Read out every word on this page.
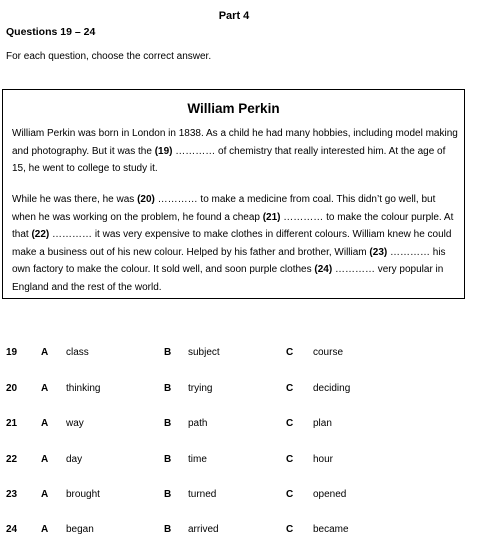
Part 4
Questions 19 – 24
For each question, choose the correct answer.
William Perkin

William Perkin was born in London in 1838. As a child he had many hobbies, including model making and photography. But it was the (19) ………… of chemistry that really interested him. At the age of 15, he went to college to study it.

While he was there, he was (20) ………… to make a medicine from coal. This didn’t go well, but when he was working on the problem, he found a cheap (21) ………… to make the colour purple. At that (22) ………… it was very expensive to make clothes in different colours. William knew he could make a business out of his new colour. Helped by his father and brother, William (23) ………… his own factory to make the colour. It sold well, and soon purple clothes (24) ………… very popular in England and the rest of the world.

19 A class	B subject	C course
20 A thinking	B trying	C deciding
21 A way	B path	C plan
22 A day	B time	C hour
23 A brought	B turned	C opened
24 A began	B arrived	C became
